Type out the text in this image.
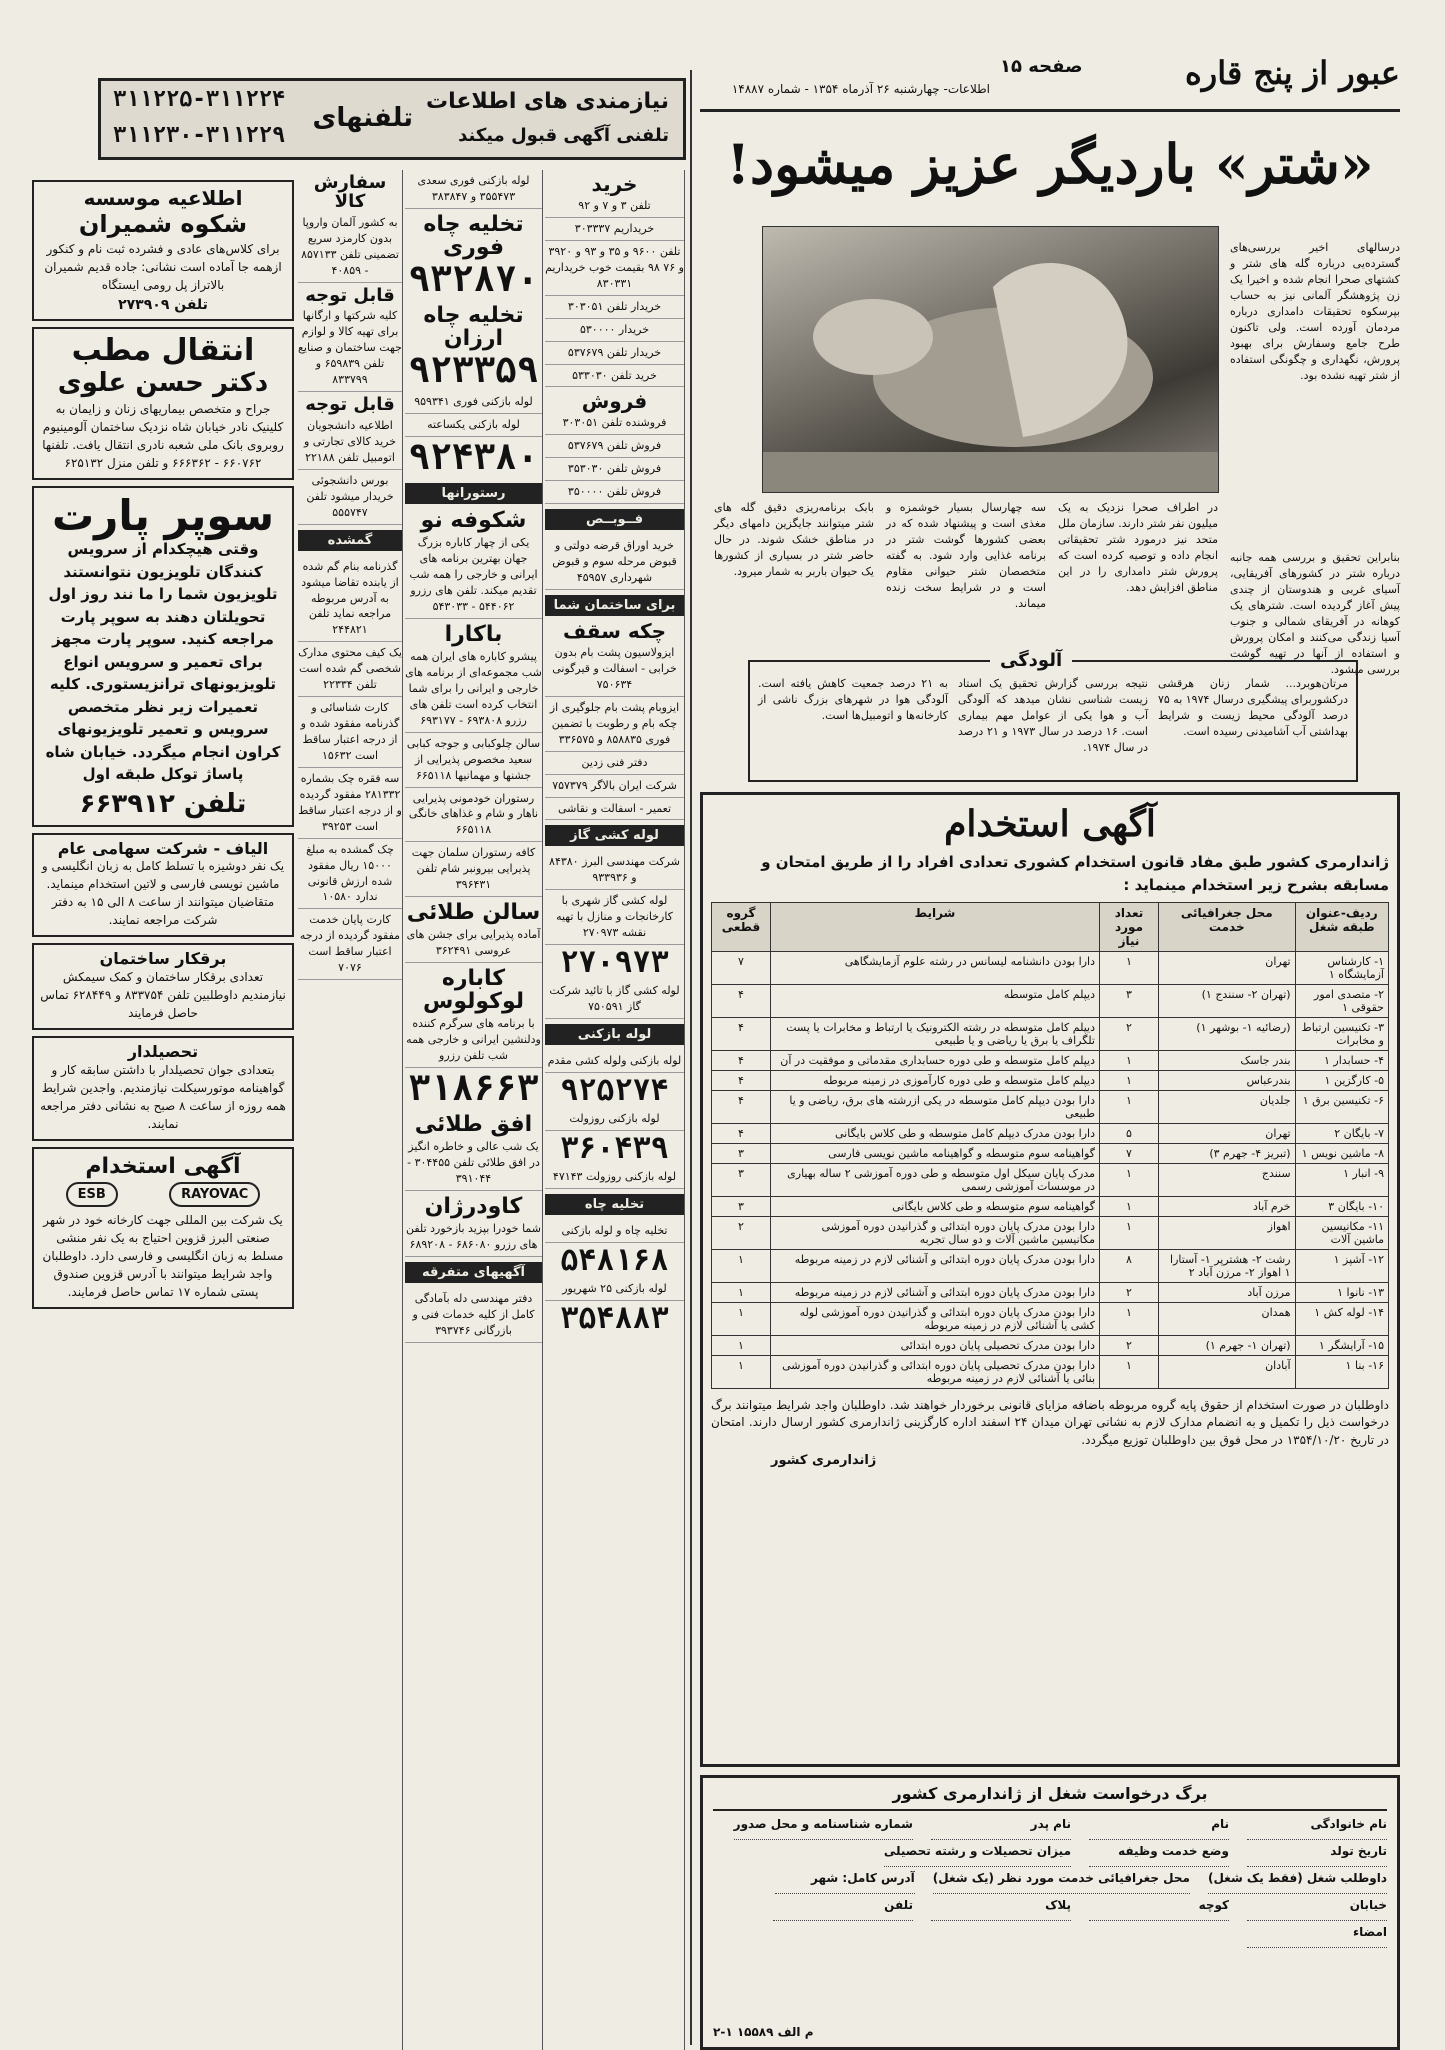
عبور از پنج قاره
صفحه ۱۵
اطلاعات- چهارشنبه ۲۶ آذرماه ۱۳۵۴ - شماره ۱۴۸۸۷
نیازمندی های اطلاعات
تلفنی آگهی قبول میکند
تلفنهای
۳۱۱۲۲۵-۳۱۱۲۲۴
۳۱۱۲۳۰-۳۱۱۲۲۹	«شتر» باردیگر عزیز میشود!
درسالهای اخیر بررسی‌های گسترده‌یی درباره گله های شتر و کشتهای صحرا انجام شده و اخیرا یک زن پژوهشگر آلمانی نیز به حساب بپرسکوه تحقیقات دامداری درباره مردمان آورده است. ولی تاکنون طرح جامع وسفارش برای بهبود پرورش، نگهداری و چگونگی استفاده از شتر تهیه نشده بود.
بنابراین تحقیق و بررسی همه جانبه درباره شتر در کشورهای آفریقایی، آسیای غربی و هندوستان از چندی پیش آغاز گردیده است. شترهای یک کوهانه در آفریقای شمالی و جنوب آسیا زندگی می‌کنند و امکان پرورش و استفاده از آنها در تهیه گوشت بررسی میشود.
در اطراف صحرا نزدیک به یک میلیون نفر شتر دارند. سازمان ملل متحد نیز درمورد شتر تحقیقاتی انجام داده و توصیه کرده است که پرورش شتر دامداری را در این مناطق افزایش دهد.
سه چهارسال بسیار خوشمزه و مغذی است و پیشنهاد شده که در بعضی کشورها گوشت شتر در برنامه غذایی وارد شود. به گفته متخصصان شتر حیوانی مقاوم است و در شرایط سخت زنده میماند.
بابک برنامه‌ریزی دقیق گله های شتر میتوانند جایگزین دامهای دیگر در مناطق خشک شوند. در حال حاضر شتر در بسیاری از کشورها یک حیوان باربر به شمار میرود.
آلودگی
مرتان‌هوبرد... شمار زنان هرقشی درکشوربرای پیشگیری درسال ۱۹۷۴ به ۷۵ درصد آلودگی محیط زیست و شرایط بهداشتی آب آشامیدنی رسیده است.
نتیجه بررسی گزارش تحقیق یک استاد زیست شناسی نشان میدهد که آلودگی آب و هوا یکی از عوامل مهم بیماری است. ۱۶ درصد در سال ۱۹۷۳ و ۲۱ درصد در سال ۱۹۷۴.
به ۲۱ درصد جمعیت کاهش یافته است. آلودگی هوا در شهرهای بزرگ ناشی از کارخانه‌ها و اتومبیل‌ها است.
آگهی استخدام
ژاندارمری کشور طبق مفاد قانون استخدام کشوری تعدادی افراد را از طریق امتحان و مسابقه بشرح زیر استخدام مینماید :
ردیف-عنوان طبقه شغل	محل جغرافیائی خدمت	تعداد مورد نیاز	شرایط	گروه قطعی
۱- کارشناس آزمایشگاه ۱	تهران	۱	دارا بودن دانشنامه لیسانس در رشته علوم آزمایشگاهی	۷
۲- متصدی امور حقوقی ۱	(تهران ۲- سنندج ۱)	۳	دیپلم کامل متوسطه	۴
۳- تکنیسین ارتباط و مخابرات	(رضائیه ۱- بوشهر ۱)	۲	دیپلم کامل متوسطه در رشته الکترونیک یا ارتباط و مخابرات یا پست تلگراف یا برق یا ریاضی و یا طبیعی	۴
۴- حسابدار ۱	بندر جاسک	۱	دیپلم کامل متوسطه و طی دوره حسابداری مقدماتی و موفقیت در آن	۴
۵- کارگزین ۱	بندرعباس	۱	دیپلم کامل متوسطه و طی دوره کارآموزی در زمینه مربوطه	۴
۶- تکنیسین برق ۱	جلدیان	۱	دارا بودن دیپلم کامل متوسطه در یکی ازرشته های برق، ریاضی و یا طبیعی	۴
۷- بایگان ۲	تهران	۵	دارا بودن مدرک دیپلم کامل متوسطه و طی کلاس بایگانی	۴
۸- ماشین نویس ۱	(تبریز ۴- جهرم ۳)	۷	گواهینامه سوم متوسطه و گواهینامه ماشین نویسی فارسی	۳
۹- انبار ۱	سنندج	۱	مدرک پایان سیکل اول متوسطه و طی دوره آموزشی ۲ ساله بهیاری در موسسات آموزشی رسمی	۳
۱۰- بایگان ۳	خرم آباد	۱	گواهینامه سوم متوسطه و طی کلاس بایگانی	۳
۱۱- مکانیسین ماشین آلات	اهواز	۱	دارا بودن مدرک پایان دوره ابتدائی و گذرانیدن دوره آموزشی مکانیسین ماشین آلات و دو سال تجربه	۲
۱۲- آشپز ۱	رشت ۲- هشترپر ۱- آستارا ۱ اهواز ۲- مرزن آباد ۲	۸	دارا بودن مدرک پایان دوره ابتدائی و آشنائی لازم در زمینه مربوطه	۱
۱۳- نانوا ۱	مرزن آباد	۲	دارا بودن مدرک پایان دوره ابتدائی و آشنائی لازم در زمینه مربوطه	۱
۱۴- لوله کش ۱	همدان	۱	دارا بودن مدرک پایان دوره ابتدائی و گذرانیدن دوره آموزشی لوله کشی یا آشنائی لازم در زمینه مربوطه	۱
۱۵- آرایشگر ۱	(تهران ۱- جهرم ۱)	۲	دارا بودن مدرک تحصیلی پایان دوره ابتدائی	۱
۱۶- بنا ۱	آبادان	۱	دارا بودن مدرک تحصیلی پایان دوره ابتدائی و گذرانیدن دوره آموزشی بنائی یا آشنائی لازم در زمینه مربوطه	۱
داوطلبان در صورت استخدام از حقوق پایه گروه مربوطه باضافه مزایای قانونی برخوردار خواهند شد. داوطلبان واجد شرایط میتوانند برگ درخواست ذیل را تکمیل و به انضمام مدارک لازم به نشانی تهران میدان ۲۴ اسفند اداره کارگزینی ژاندارمری کشور ارسال دارند. امتحان در تاریخ ۱۳۵۴/۱۰/۲۰ در محل فوق بین داوطلبان توزیع میگردد.
ژاندارمری کشور
برگ درخواست شغل از ژاندارمری کشور
نام خانوادگی
نام
نام پدر
شماره شناسنامه و محل صدور
تاریخ تولد
وضع خدمت وظیفه
میزان تحصیلات و رشته تحصیلی
داوطلب شغل (فقط یک شغل)
محل جغرافیائی خدمت مورد نظر (یک شغل)
آدرس کامل: شهر
خیابان
کوچه
پلاک
تلفن
امضاء
م الف ۱۵۵۸۹ ۱-۲
خرید
تلفن ۳ و ۷ و ۹۲
خریداریم ۳۰۳۳۳۷
تلفن ۹۶۰۰ و ۳۵ و ۹۳ و ۳۹۲۰ و ۷۶ ۹۸ بقیمت خوب خریداریم ۸۳۰۳۳۱
خریدار تلفن ۳۰۳۰۵۱
خریدار ۵۳۰۰۰۰
خریدار تلفن ۵۳۷۶۷۹
خرید تلفن ۵۳۳۰۳۰
فروش
فروشنده تلفن ۳۰۳۰۵۱
فروش تلفن ۵۳۷۶۷۹
فروش تلفن ۳۵۳۰۳۰
فروش تلفن ۳۵۰۰۰۰
فــوبــص
خرید اوراق قرضه دولتی و قبوض مرحله سوم و قبوض شهرداری ۴۵۹۵۷
برای ساختمان شما
چکه سقف
ایزولاسیون پشت بام بدون خرابی - اسفالت و قیرگونی ۷۵۰۶۳۴
ایزوبام پشت بام جلوگیری از چکه بام و رطوبت با تضمین فوری ۸۵۸۸۳۵ و ۳۳۶۵۷۵
دفتر فنی زدین
شرکت ایران بالاگر ۷۵۷۳۷۹
تعمیر - اسفالت و نقاشی
لوله کشی گاز
شرکت مهندسی البرز ۸۴۳۸۰ و ۹۳۳۹۳۶
لوله کشی گاز شهری با کارخانجات و منازل با تهیه نقشه ۲۷۰۹۷۳
۲۷۰۹۷۳
لوله کشی گاز با تائید شرکت گاز ۷۵۰۵۹۱
لوله بازکنی
لوله بازکنی ولوله کشی مقدم
۹۲۵۲۷۴
لوله بازکنی روزولت
۳۶۰۴۳۹
لوله بازکنی روزولت ۴۷۱۴۳
تخلیه چاه
تخلیه چاه و لوله بازکنی
۵۴۸۱۶۸
لوله بازکنی ۲۵ شهریور
۳۵۴۸۸۳
لوله بازکنی فوری سعدی ۳۵۵۴۷۳ و ۳۸۳۸۴۷
تخلیه چاه فوری
۹۳۲۸۷۰
تخلیه چاه ارزان
۹۲۳۳۵۹
لوله بازکنی فوری ۹۵۹۳۴۱
لوله بازکنی یکساعته
۹۲۴۳۸۰
رستورانها
شکوفه نو
یکی از چهار کاباره بزرگ جهان بهترین برنامه های ایرانی و خارجی را همه شب تقدیم میکند. تلفن های رزرو ۵۴۴۰۶۲ - ۵۴۳۰۳۳
باکارا
پیشرو کاباره های ایران همه شب مجموعه‌ای از برنامه های خارجی و ایرانی را برای شما انتخاب کرده است تلفن های رزرو ۶۹۳۸۰۸ - ۶۹۳۱۷۷
سالن چلوکبابی و جوجه کبابی سعید مخصوص پذیرایی از جشنها و مهمانیها ۶۶۵۱۱۸
رستوران خودمونی پذیرایی ناهار و شام و غذاهای خانگی ۶۶۵۱۱۸
کافه رستوران سلمان جهت پذیرایی بیرونبر شام تلفن ۳۹۶۴۳۱
سالن طلائی
آماده پذیرایی برای جشن های عروسی ۳۶۲۴۹۱
کاباره لوکولوس
با برنامه های سرگرم کننده ودلنشین ایرانی و خارجی همه شب تلفن رزرو
۳۱۸۶۶۳
افق طلائی
یک شب عالی و خاطره انگیز در افق طلائی تلفن ۳۰۴۴۵۵ - ۳۹۱۰۴۴
کاودرژان
شما خودرا بپزید بازخورد تلفن های رزرو ۶۸۶۰۸۰ - ۶۸۹۲۰۸
آگهیهای متفرقه
دفتر مهندسی دله بآمادگی کامل از کلیه خدمات فنی و بازرگانی ۳۹۳۷۴۶
سفارش کالا
به کشور آلمان واروپا بدون کارمزد سریع تضمینی تلفن ۸۵۷۱۳۳ - ۴۰۸۵۹
قابل توجه
کلیه شرکتها و ارگانها برای تهیه کالا و لوازم جهت ساختمان و صنایع تلفن ۶۵۹۸۳۹ و ۸۳۳۷۹۹
قابل توجه
اطلاعیه دانشجویان خرید کالای تجارتی و اتومبیل تلفن ۲۲۱۸۸
بورس دانشجوئی خریدار میشود تلفن ۵۵۵۷۴۷
گمشده
گذرنامه بنام گم شده از یابنده تقاضا میشود به آدرس مربوطه مراجعه نماید تلفن ۲۴۴۸۲۱
یک کیف محتوی مدارک شخصی گم شده است تلفن ۲۲۳۳۴
کارت شناسائی و گذرنامه مفقود شده و از درجه اعتبار ساقط است ۱۵۶۳۲
سه فقره چک بشماره ۲۸۱۳۳۲ مفقود گردیده و از درجه اعتبار ساقط است ۳۹۲۵۳
چک گمشده به مبلغ ۱۵۰۰۰ ریال مفقود شده ارزش قانونی ندارد ۱۰۵۸۰
کارت پایان خدمت مفقود گردیده از درجه اعتبار ساقط است ۷۰۷۶
اطلاعیه موسسه
شکوه شمیران
برای کلاس‌های عادی و فشرده ثبت نام و کنکور ازهمه جا آماده است نشانی: جاده قدیم شمیران بالاتراز پل رومی ایستگاه
تلفن ۲۷۳۹۰۹
انتقال مطب
دکتر حسن علوی
جراح و متخصص بیماریهای زنان و زایمان به کلینیک نادر خیابان شاه نزدیک ساختمان آلومینیوم روبروی بانک ملی شعبه نادری انتقال یافت. تلفنها ۶۶۰۷۶۲ - ۶۶۶۳۶۲ و تلفن منزل ۶۲۵۱۳۲
سوپر پارت
وقتی هیچکدام از سرویس کنندگان تلویزیون نتوانستند تلویزیون شما را ما نند روز اول تحویلتان دهند به سوپر پارت مراجعه کنید. سوپر پارت مجهز برای تعمیر و سرویس انواع تلویزیونهای ترانزیستوری. کلیه تعمیرات زیر نظر متخصص سرویس و تعمیر تلویزیونهای کراون انجام میگردد. خیابان شاه پاساژ توکل طبقه اول
تلفن ۶۶۳۹۱۲
الیاف - شرکت سهامی عام
یک نفر دوشیزه با تسلط کامل به زبان انگلیسی و ماشین نویسی فارسی و لاتین استخدام مینماید. متقاضیان میتوانند از ساعت ۸ الی ۱۵ به دفتر شرکت مراجعه نمایند.
برقکار ساختمان
تعدادی برقکار ساختمان و کمک سیمکش نیازمندیم داوطلبین تلفن ۸۳۳۷۵۴ و ۶۲۸۴۴۹ تماس حاصل فرمایند
تحصیلدار
بتعدادی جوان تحصیلدار با داشتن سابقه کار و گواهینامه موتورسیکلت نیازمندیم. واجدین شرایط همه روزه از ساعت ۸ صبح به نشانی دفتر مراجعه نمایند.
آگهی استخدام
ESB	RAYOVAC
یک شرکت بین المللی جهت کارخانه خود در شهر صنعتی البرز قزوین احتیاج به یک نفر منشی مسلط به زبان انگلیسی و فارسی دارد. داوطلبان واجد شرایط میتوانند با آدرس قزوین صندوق پستی شماره ۱۷ تماس حاصل فرمایند.
